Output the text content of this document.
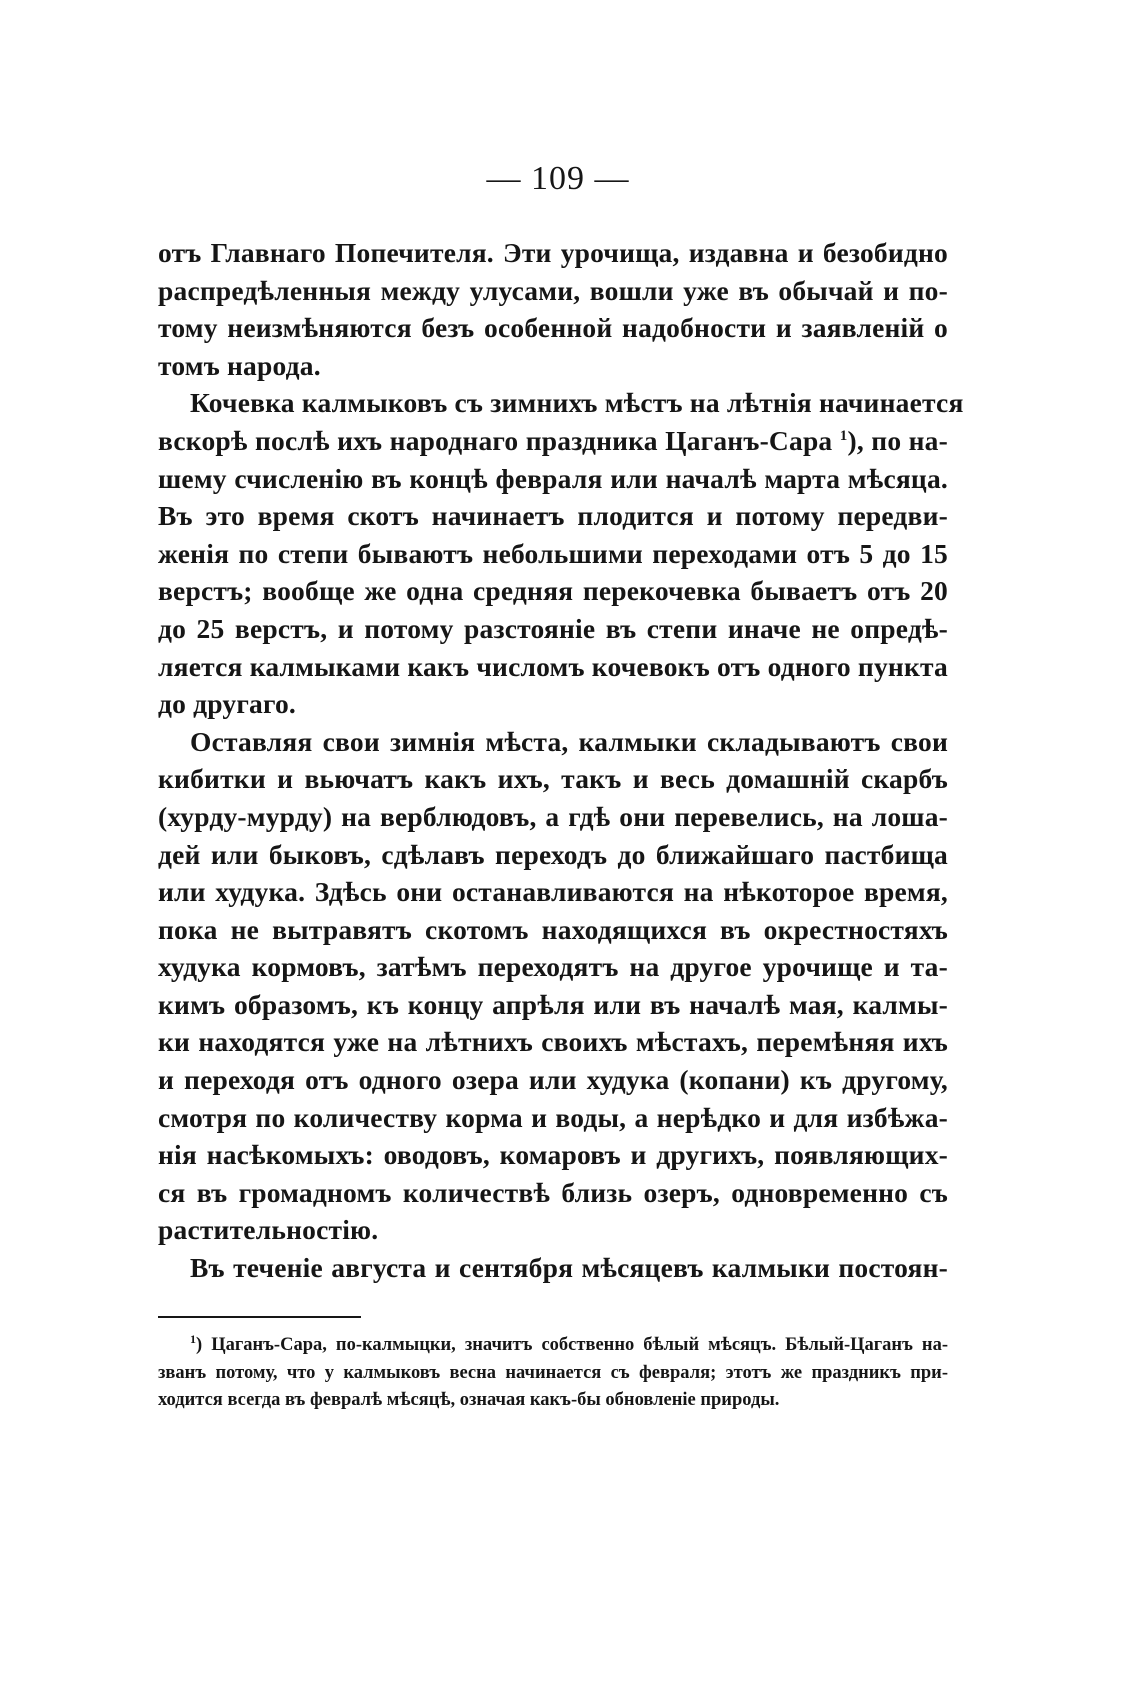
— 109 —
отъ Главнаго Попечителя. Эти урочища, издавна и безобидно
распредѣленныя между улусами, вошли уже въ обычай и по-
тому неизмѣняются безъ особенной надобности и заявленій о
томъ народа.
Кочевка калмыковъ съ зимнихъ мѣстъ на лѣтнія начинается
вскорѣ послѣ ихъ народнаго праздника Цаганъ-Сара $^1$), по на-
шему счисленію въ концѣ февраля или началѣ марта мѣсяца.
Въ это время скотъ начинаетъ плодится и потому передви-
женія по степи бываютъ небольшими переходами отъ 5 до 15
верстъ; вообще же одна средняя перекочевка бываетъ отъ 20
до 25 верстъ, и потому разстояніе въ степи иначе не опредѣ-
ляется калмыками какъ числомъ кочевокъ отъ одного пункта
до другаго.
Оставляя свои зимнія мѣста, калмыки складываютъ свои
кибитки и вьючатъ какъ ихъ, такъ и весь домашній скарбъ
(хурду-мурду) на верблюдовъ, а гдѣ они перевелись, на лоша-
дей или быковъ, сдѣлавъ переходъ до ближайшаго пастбища
или худука. Здѣсь они останавливаются на нѣкоторое время,
пока не вытравятъ скотомъ находящихся въ окрестностяхъ
худука кормовъ, затѣмъ переходятъ на другое урочище и та-
кимъ образомъ, къ концу апрѣля или въ началѣ мая, калмы-
ки находятся уже на лѣтнихъ своихъ мѣстахъ, перемѣняя ихъ
и переходя отъ одного озера или худука (копани) къ другому,
смотря по количеству корма и воды, а нерѣдко и для избѣжа-
нія насѣкомыхъ: оводовъ, комаровъ и другихъ, появляющих-
ся въ громадномъ количествѣ близь озеръ, одновременно съ
растительностію.
Въ теченіе августа и сентября мѣсяцевъ калмыки постоян-
$^1$) Цаганъ-Сара, по-калмыцки, значитъ собственно бѣлый мѣсяцъ. Бѣлый-Цаганъ на-
званъ потому, что у калмыковъ весна начинается съ февраля; этотъ же праздникъ при-
ходится всегда въ февралѣ мѣсяцѣ, означая какъ-бы обновленіе природы.
